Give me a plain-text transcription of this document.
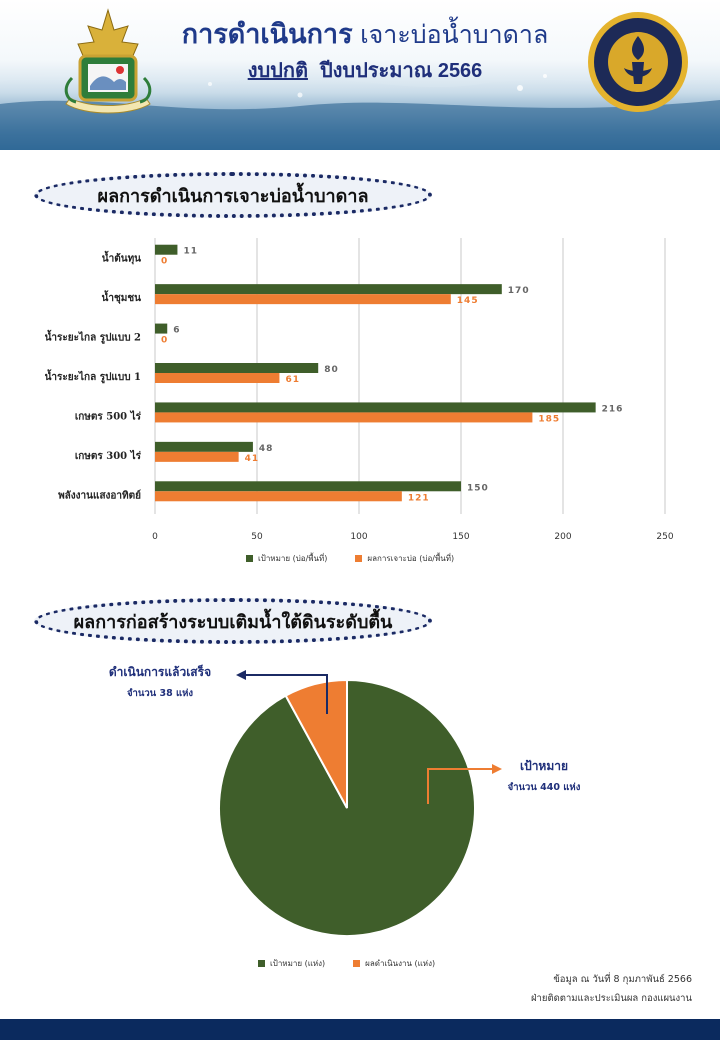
การดำเนินการ เจาะบ่อน้ำบาดาล
งบปกติ ปีงบประมาณ 2566
ผลการดำเนินการเจาะบ่อน้ำบาดาล
0	50	100	150	200	250
น้ำต้นทุน
11
0
น้ำชุมชน
170
145
น้ำระยะไกล รูปแบบ 2
6
0
น้ำระยะไกล รูปแบบ 1
80
61
เกษตร 500 ไร่
216
185
เกษตร 300 ไร่
48
41
พลังงานแสงอาทิตย์
150
121
เป้าหมาย (บ่อ/พื้นที่)	ผลการเจาะบ่อ (บ่อ/พื้นที่)
ผลการก่อสร้างระบบเติมน้ำใต้ดินระดับตื้น
ดำเนินการแล้วเสร็จ
จำนวน 38 แห่ง
เป้าหมาย
จำนวน 440 แห่ง
เป้าหมาย (แห่ง)	ผลดำเนินงาน (แห่ง)
ข้อมูล ณ วันที่ 8 กุมภาพันธ์ 2566
ฝ่ายติดตามและประเมินผล กองแผนงาน
